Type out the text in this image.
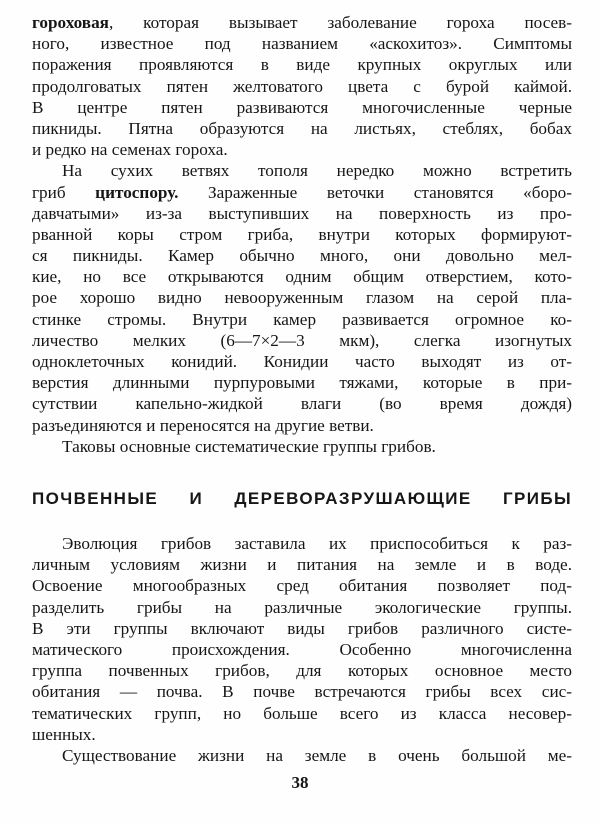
гороховая, которая вызывает заболевание гороха посев-
ного, известное под названием «аскохитоз». Симптомы
поражения проявляются в виде крупных округлых или
продолговатых пятен желтоватого цвета с бурой каймой.
В центре пятен развиваются многочисленные черные
пикниды. Пятна образуются на листьях, стеблях, бобах
и редко на семенах гороха.

На сухих ветвях тополя нередко можно встретить
гриб цитоспору. Зараженные веточки становятся «боро-
давчатыми» из-за выступивших на поверхность из про-
рванной коры стром гриба, внутри которых формируют-
ся пикниды. Камер обычно много, они довольно мел-
кие, но все открываются одним общим отверстием, кото-
рое хорошо видно невооруженным глазом на серой пла-
стинке стромы. Внутри камер развивается огромное ко-
личество мелких (6—7×2—3 мкм), слегка изогнутых
одноклеточных конидий. Конидии часто выходят из от-
верстия длинными пурпуровыми тяжами, которые в при-
сутствии капельно-жидкой влаги (во время дождя)
разъединяются и переносятся на другие ветви.

Таковы основные систематические группы грибов.

ПОЧВЕННЫЕ И ДЕРЕВОРАЗРУШАЮЩИЕ ГРИБЫ

Эволюция грибов заставила их приспособиться к раз-
личным условиям жизни и питания на земле и в воде.
Освоение многообразных сред обитания позволяет под-
разделить грибы на различные экологические группы.
В эти группы включают виды грибов различного систе-
матического происхождения. Особенно многочисленна
группа почвенных грибов, для которых основное место
обитания — почва. В почве встречаются грибы всех сис-
тематических групп, но больше всего из класса несовер-
шенных.

Существование жизни на земле в очень большой ме-

38
